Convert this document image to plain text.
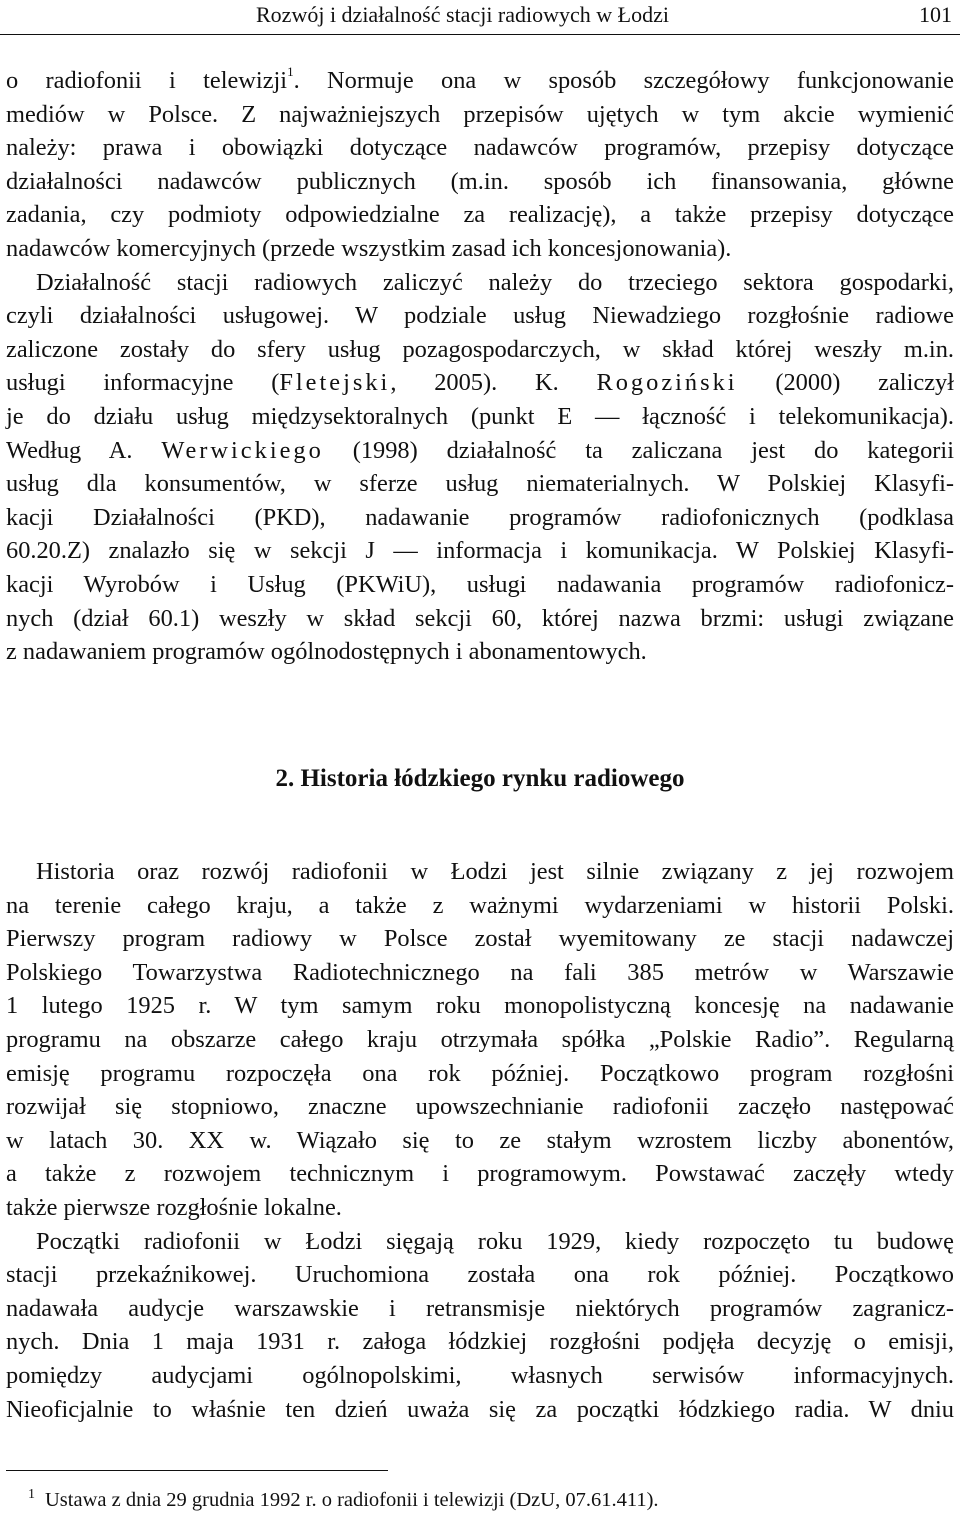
Rozwój i działalność stacji radiowych w Łodzi	101
o radiofonii i telewizji$^1$. Normuje ona w sposób szczegółowy funkcjonowanie
mediów w Polsce. Z najważniejszych przepisów ujętych w tym akcie wymienić
należy: prawa i obowiązki dotyczące nadawców programów, przepisy dotyczące
działalności nadawców publicznych (m.in. sposób ich finansowania, główne
zadania, czy podmioty odpowiedzialne za realizację), a także przepisy dotyczące
nadawców komercyjnych (przede wszystkim zasad ich koncesjonowania).
Działalność stacji radiowych zaliczyć należy do trzeciego sektora gospodarki,
czyli działalności usługowej. W podziale usług Niewadziego rozgłośnie radiowe
zaliczone zostały do sfery usług pozagospodarczych, w skład której weszły m.in.
usługi informacyjne (Fletejski, 2005). K. Rogoziński (2000) zaliczył
je do działu usług międzysektoralnych (punkt E — łączność i telekomunikacja).
Według A. Werwickiego (1998) działalność ta zaliczana jest do kategorii
usług dla konsumentów, w sferze usług niematerialnych. W Polskiej Klasyfi-
kacji Działalności (PKD), nadawanie programów radiofonicznych (podklasa
60.20.Z) znalazło się w sekcji J — informacja i komunikacja. W Polskiej Klasyfi-
kacji Wyrobów i Usług (PKWiU), usługi nadawania programów radiofonicz-
nych (dział 60.1) weszły w skład sekcji 60, której nazwa brzmi: usługi związane
z nadawaniem programów ogólnodostępnych i abonamentowych.
2. Historia łódzkiego rynku radiowego
Historia oraz rozwój radiofonii w Łodzi jest silnie związany z jej rozwojem
na terenie całego kraju, a także z ważnymi wydarzeniami w historii Polski.
Pierwszy program radiowy w Polsce został wyemitowany ze stacji nadawczej
Polskiego Towarzystwa Radiotechnicznego na fali 385 metrów w Warszawie
1 lutego 1925 r. W tym samym roku monopolistyczną koncesję na nadawanie
programu na obszarze całego kraju otrzymała spółka „Polskie Radio”. Regularną
emisję programu rozpoczęła ona rok później. Początkowo program rozgłośni
rozwijał się stopniowo, znaczne upowszechnianie radiofonii zaczęło następować
w latach 30. XX w. Wiązało się to ze stałym wzrostem liczby abonentów,
a także z rozwojem technicznym i programowym. Powstawać zaczęły wtedy
także pierwsze rozgłośnie lokalne.
Początki radiofonii w Łodzi sięgają roku 1929, kiedy rozpoczęto tu budowę
stacji przekaźnikowej. Uruchomiona została ona rok później. Początkowo
nadawała audycje warszawskie i retransmisje niektórych programów zagranicz-
nych. Dnia 1 maja 1931 r. załoga łódzkiej rozgłośni podjęła decyzję o emisji,
pomiędzy audycjami ogólnopolskimi, własnych serwisów informacyjnych.
Nieoficjalnie to właśnie ten dzień uważa się za początki łódzkiego radia. W dniu
$^1$ Ustawa z dnia 29 grudnia 1992 r. o radiofonii i telewizji (DzU, 07.61.411).
